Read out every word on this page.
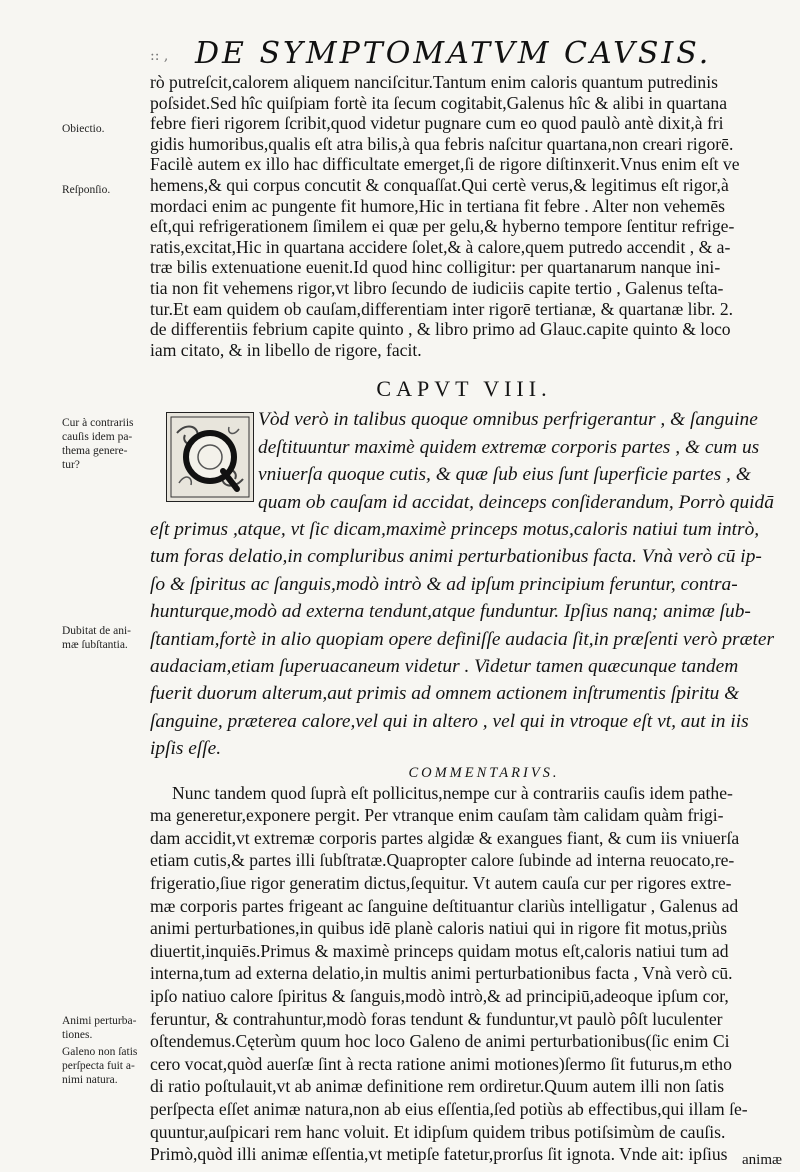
:: , DE SYMPTOMATVM CAVSIS.
Obiectio.
Reſponſio.
Cur à contrariis
cauſis idem pa-
thema genere-
tur?
Dubitat de ani-
mæ ſubſtantia.
Animi perturba-
tiones.
Galeno non ſatis
perſpecta fuit a-
nimi natura.

rò putreſcit,calorem aliquem nanciſcitur.Tantum enim caloris quantum putredinis
poſsidet.Sed hîc quiſpiam fortè ita ſecum cogitabit,Galenus hîc & alibi in quartana
febre fieri rigorem ſcribit,quod videtur pugnare cum eo quod paulò antè dixit,à fri
gidis humoribus,qualis eſt atra bilis,à qua febris naſcitur quartana,non creari rigorē.
Facilè autem ex illo hac difficultate emerget,ſi de rigore diſtinxerit.Vnus enim eſt ve
hemens,& qui corpus concutit & conquaſſat.Qui certè verus,& legitimus eſt rigor,à
mordaci enim ac pungente fit humore,Hic in tertiana fit febre . Alter non vehemēs
eſt,qui refrigerationem ſimilem ei quæ per gelu,& hyberno tempore ſentitur refrige-
ratis,excitat,Hic in quartana accidere ſolet,& à calore,quem putredo accendit , & a-
træ bilis extenuatione euenit.Id quod hinc colligitur: per quartanarum nanque ini-
tia non fit vehemens rigor,vt libro ſecundo de iudiciis capite tertio , Galenus teſta-
tur.Et eam quidem ob cauſam,differentiam inter rigorē tertianæ, & quartanæ libr. 2.
de differentiis febrium capite quinto , & libro primo ad Glauc.capite quinto & loco
iam citato, & in libello de rigore, facit.

CAPVT VIII.

Vòd verò in talibus quoque omnibus perfrigerantur , & ſanguine
deſtituuntur maximè quidem extremæ corporis partes , & cum us
vniuerſa quoque cutis, & quæ ſub eius ſunt ſuperficie partes , &
quam ob cauſam id accidat, deinceps conſiderandum, Porrò quidā
eſt primus ,atque, vt ſic dicam,maximè princeps motus,caloris natiui tum intrò,
tum foras delatio,in compluribus animi perturbationibus facta. Vnà verò cū ip-
ſo & ſpiritus ac ſanguis,modò intrò & ad ipſum principium feruntur, contra-
hunturque,modò ad externa tendunt,atque funduntur. Ipſius nanq; animæ ſub-
ſtantiam,fortè in alio quopiam opere definiſſe audacia ſit,in præſenti verò præter
audaciam,etiam ſuperuacaneum videtur . Videtur tamen quæcunque tandem
fuerit duorum alterum,aut primis ad omnem actionem inſtrumentis ſpiritu &
ſanguine, præterea calore,vel qui in altero , vel qui in vtroque eſt vt, aut in iis
ipſis eſſe.

COMMENTARIVS.

Nunc tandem quod ſuprà eſt pollicitus,nempe cur à contrariis cauſis idem pathe-
ma generetur,exponere pergit. Per vtranque enim cauſam tàm calidam quàm frigi-
dam accidit,vt extremæ corporis partes algidæ & exangues fiant, & cum iis vniuerſa
etiam cutis,& partes illi ſubſtratæ.Quapropter calore ſubinde ad interna reuocato,re-
frigeratio,ſiue rigor generatim dictus,ſequitur. Vt autem cauſa cur per rigores extre-
mæ corporis partes frigeant ac ſanguine deſtituantur clariùs intelligatur , Galenus ad
animi perturbationes,in quibus idē planè caloris natiui qui in rigore fit motus,priùs
diuertit,inquiēs.Primus & maximè princeps quidam motus eſt,caloris natiui tum ad
interna,tum ad externa delatio,in multis animi perturbationibus facta , Vnà verò cū.
ipſo natiuo calore ſpiritus & ſanguis,modò intrò,& ad principiū,adeoque ipſum cor,
feruntur, & contrahuntur,modò foras tendunt & funduntur,vt paulò pôſt luculenter
oſtendemus.Cęterùm quum hoc loco Galeno de animi perturbationibus(ſic enim Ci
cero vocat,quòd auerſæ ſint à recta ratione animi motiones)ſermo ſit futurus,m etho
di ratio poſtulauit,vt ab animæ definitione rem ordiretur.Quum autem illi non ſatis
perſpecta eſſet animæ natura,non ab eius eſſentia,ſed potiùs ab effectibus,qui illam ſe-
quuntur,auſpicari rem hanc voluit. Et idipſum quidem tribus potiſsimùm de cauſis.
Primò,quòd illi animæ eſſentia,vt metipſe fatetur,prorſus ſit ignota. Vnde ait: ipſius animæ
